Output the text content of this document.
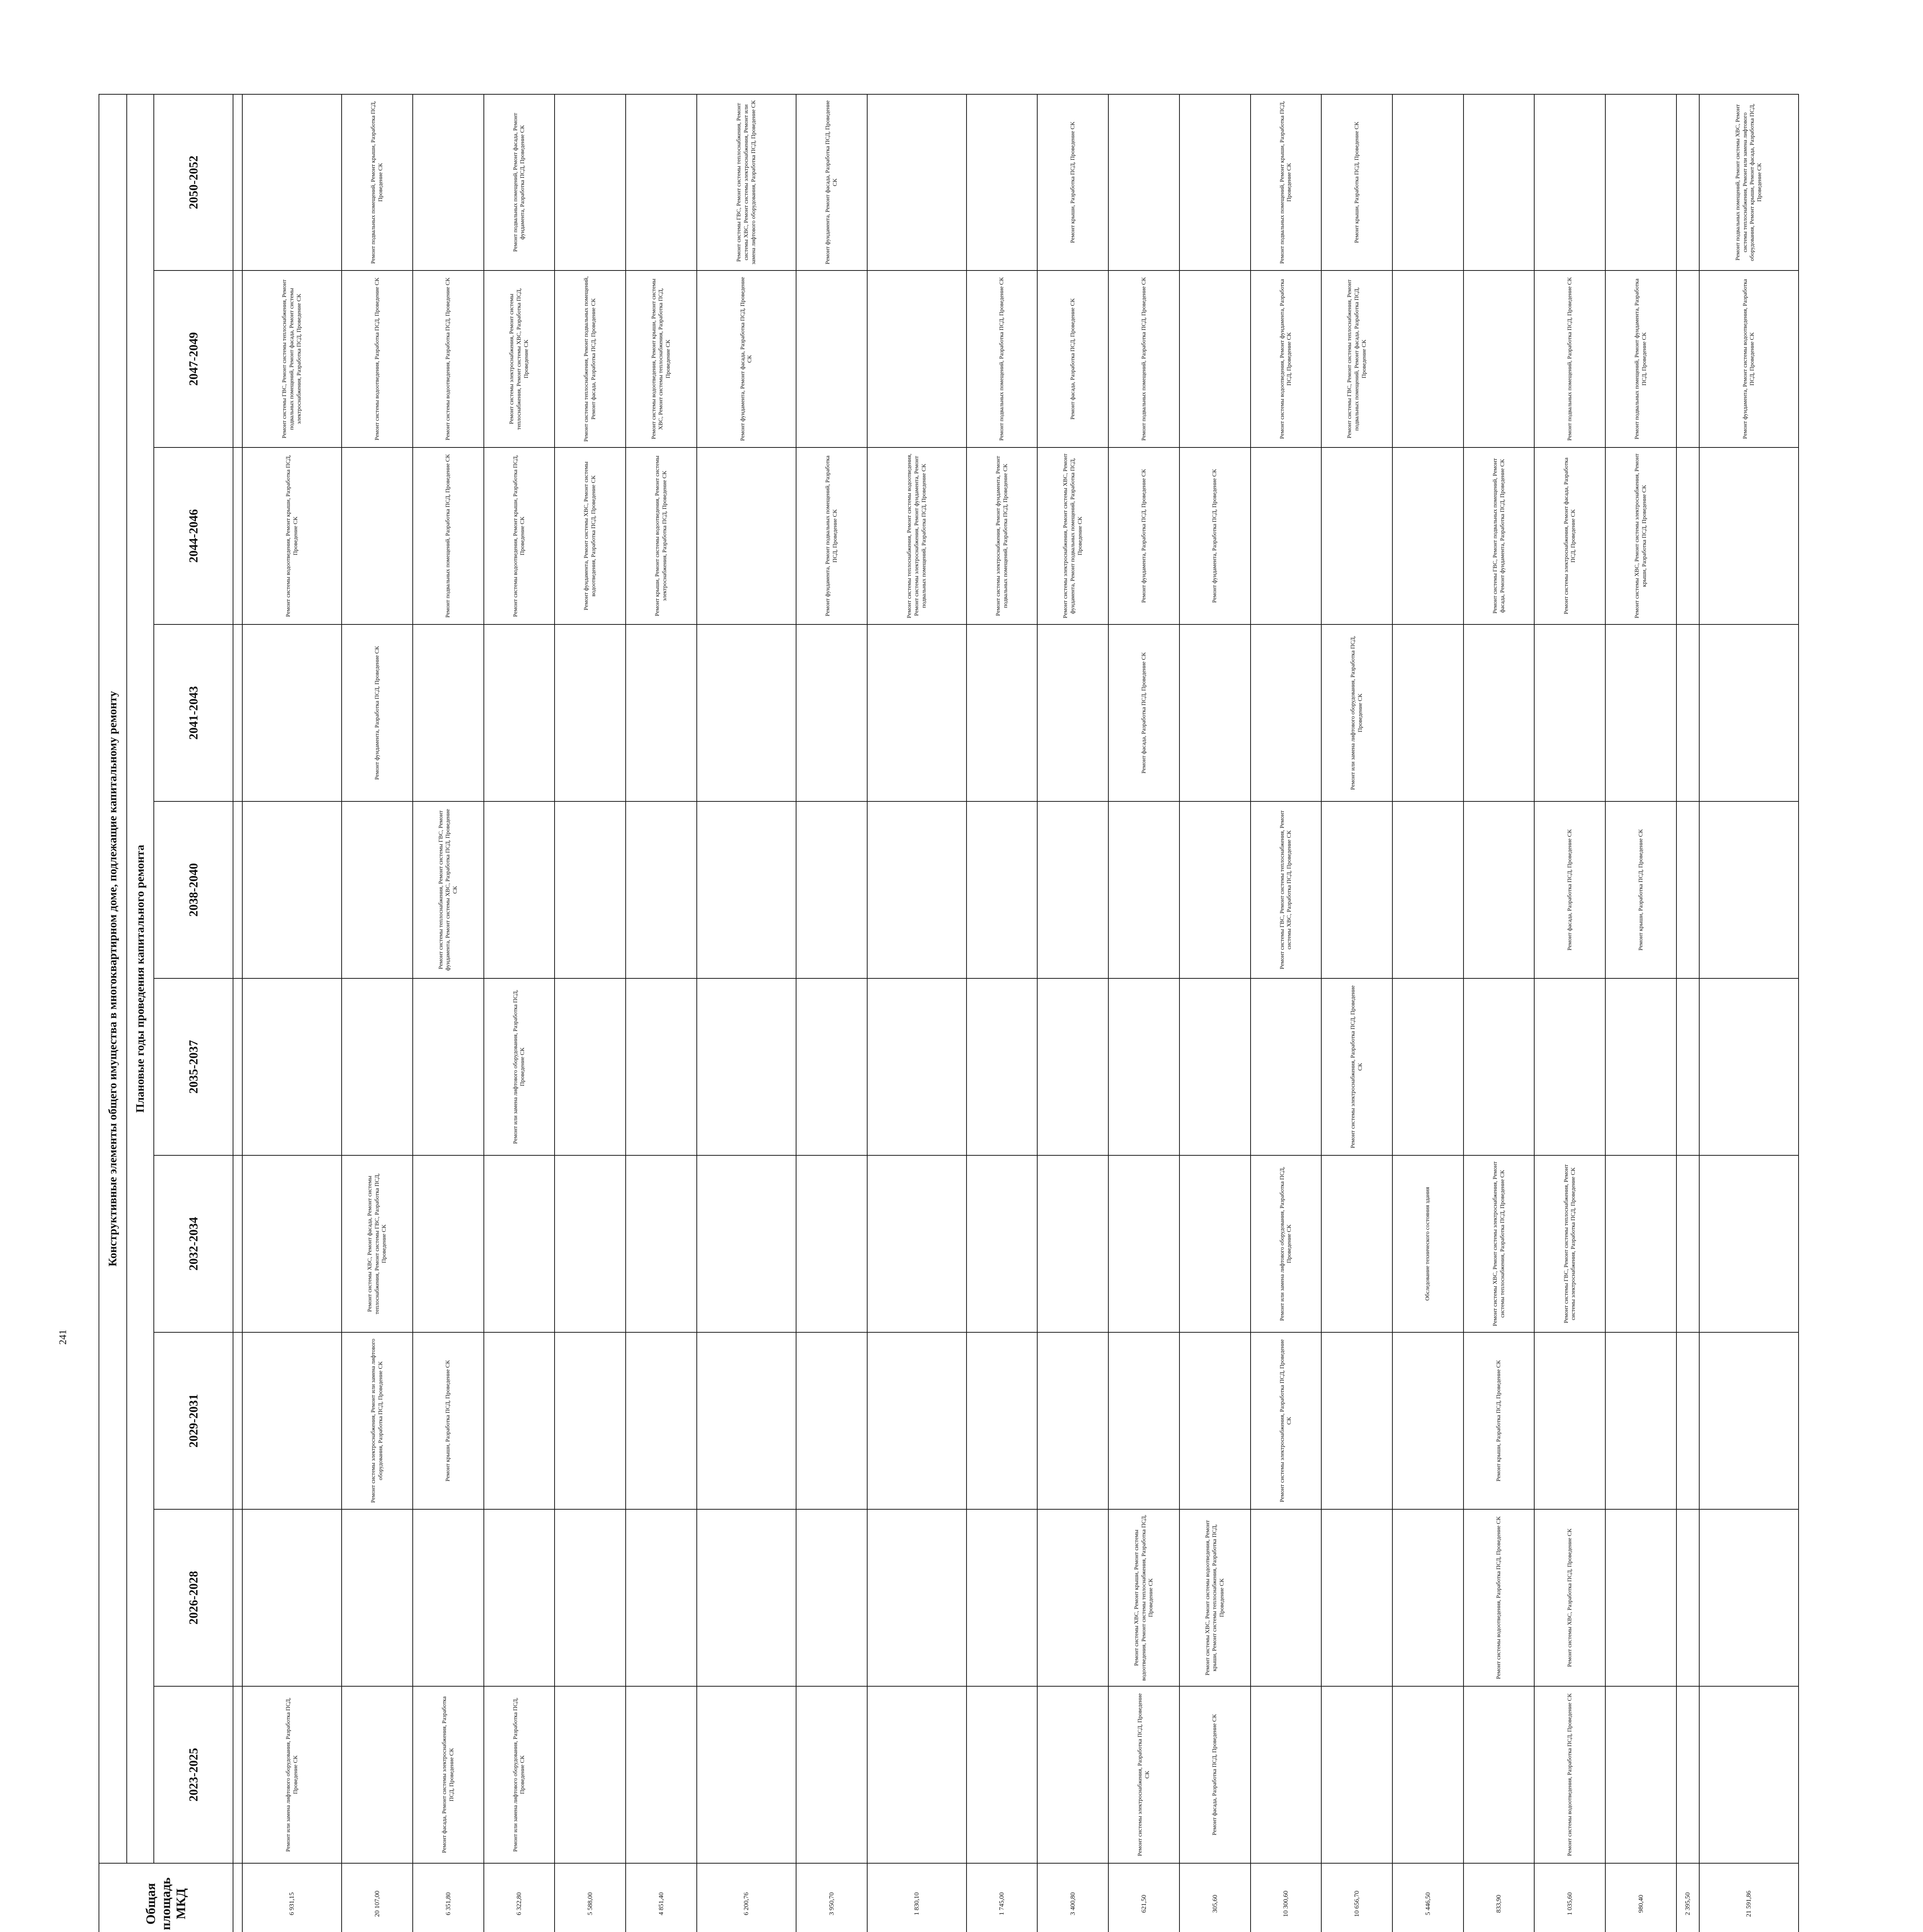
241
								Общая площадь МКД	Конструктивные элементы общего имущества в многоквартирном доме, подлежащие капитальному ремонту									
									Плановые годы проведения капитального ремонта									
									2023-2025	2026-2028	2029-2031	2032-2034	2035-2037	2038-2040	2041-2043	2044-2046	2047-2049	2050-2052

								6 931,15	Ремонт или замена лифтового оборудования, Разработка ПСД, Проведение СК							Ремонт системы водоотведения, Ремонт крыши, Разработка ПСД, Проведение СК	Ремонт системы ГВС, Ремонт системы теплоснабжения, Ремонт подвальных помещений, Ремонт фасада, Ремонт системы электроснабжения, Разработка ПСД, Проведение СК	
								20 107,00			Ремонт системы электроснабжения, Ремонт или замена лифтового оборудования, Разработка ПСД, Проведение СК	Ремонт системы ХВС, Ремонт фасада, Ремонт системы теплоснабжения, Ремонт системы ГВС, Разработка ПСД, Проведение СК			Ремонт фундамента, Разработка ПСД, Проведение СК		Ремонт системы водоотведения, Разработка ПСД, Проведение СК	Ремонт подвальных помещений, Ремонт крыши, Разработка ПСД, Проведение СК
								6 351,80	Ремонт фасада, Ремонт системы электроснабжения, Разработка ПСД, Проведение СК		Ремонт крыши, Разработка ПСД, Проведение СК			Ремонт системы теплоснабжения, Ремонт системы ГВС, Ремонт фундамента, Ремонт системы ХВС, Разработка ПСД, Проведение СК		Ремонт подвальных помещений, Разработка ПСД, Проведение СК	Ремонт системы водоотведения, Разработка ПСД, Проведение СК	
								6 322,80	Ремонт или замена лифтового оборудования, Разработка ПСД, Проведение СК				Ремонт или замена лифтового оборудования, Разработка ПСД, Проведение СК			Ремонт системы водоотведения, Ремонт крыши, Разработка ПСД, Проведение СК	Ремонт системы электроснабжения, Ремонт системы теплоснабжения, Ремонт системы ХВС, Разработка ПСД, Проведение СК	Ремонт подвальных помещений, Ремонт фасада, Ремонт фундамента, Разработка ПСД, Проведение СК
								5 588,00								Ремонт фундамента, Ремонт системы ХВС, Ремонт системы водоотведения, Разработка ПСД, Проведение СК	Ремонт системы теплоснабжения, Ремонт подвальных помещений, Ремонт фасада, Разработка ПСД, Проведение СК	
								4 851,40								Ремонт крыши, Ремонт системы водоотведения, Ремонт системы электроснабжения, Разработка ПСД, Проведение СК	Ремонт системы водоотведения, Ремонт крыши, Ремонт системы ХВС, Ремонт системы теплоснабжения, Разработка ПСД, Проведение СК	
								6 200,76									Ремонт фундамента, Ремонт фасада, Разработка ПСД, Проведение СК	Ремонт системы ГВС, Ремонт системы теплоснабжения, Ремонт системы ХВС, Ремонт системы электроснабжения, Ремонт или замена лифтового оборудования, Разработка ПСД, Проведение СК
								3 950,70								Ремонт фундамента, Ремонт подвальных помещений, Разработка ПСД, Проведение СК		Ремонт фундамента, Ремонт фасада, Разработка ПСД, Проведение СК
								1 830,10								Ремонт системы теплоснабжения, Ремонт системы водоотведения, Ремонт системы электроснабжения, Ремонт фундамента, Ремонт подвальных помещений, Разработка ПСД, Проведение СК		
								1 745,00								Ремонт системы электроснабжения, Ремонт фундамента, Ремонт подвальных помещений, Разработка ПСД, Проведение СК	Ремонт подвальных помещений, Разработка ПСД, Проведение СК	
								3 400,80								Ремонт системы электроснабжения, Ремонт системы ХВС, Ремонт фундамента, Ремонт подвальных помещений, Разработка ПСД, Проведение СК	Ремонт фасада, Разработка ПСД, Проведение СК	Ремонт крыши, Разработка ПСД, Проведение СК
								621,50	Ремонт системы электроснабжения, Разработка ПСД, Проведение СК	Ремонт системы ХВС, Ремонт крыши, Ремонт системы водоотведения, Ремонт системы теплоснабжения, Разработка ПСД, Проведение СК					Ремонт фасада, Разработка ПСД, Проведение СК	Ремонт фундамента, Разработка ПСД, Проведение СК	Ремонт подвальных помещений, Разработка ПСД, Проведение СК	
								305,60	Ремонт фасада, Разработка ПСД, Проведение СК	Ремонт системы ХВС, Ремонт системы водоотведения, Ремонт крыши, Ремонт системы теплоснабжения, Разработка ПСД, Проведение СК						Ремонт фундамента, Разработка ПСД, Проведение СК		
								10 300,60			Ремонт системы электроснабжения, Разработка ПСД, Проведение СК	Ремонт или замена лифтового оборудования, Разработка ПСД, Проведение СК		Ремонт системы ГВС, Ремонт системы теплоснабжения, Ремонт системы ХВС, Разработка ПСД, Проведение СК			Ремонт системы водоотведения, Ремонт фундамента, Разработка ПСД, Проведение СК	Ремонт подвальных помещений, Ремонт крыши, Разработка ПСД, Проведение СК
								10 656,70					Ремонт системы электроснабжения, Разработка ПСД, Проведение СК		Ремонт или замена лифтового оборудования, Разработка ПСД, Проведение СК		Ремонт системы ГВС, Ремонт системы теплоснабжения, Ремонт подвальных помещений, Ремонт фасада, Разработка ПСД, Проведение СК	Ремонт крыши, Разработка ПСД, Проведение СК
								5 446,50				Обследование технического состояния здания						
								833,90		Ремонт системы водоотведения, Разработка ПСД, Проведение СК	Ремонт крыши, Разработка ПСД, Проведение СК	Ремонт системы ХВС, Ремонт системы электроснабжения, Ремонт системы теплоснабжения, Разработка ПСД, Проведение СК				Ремонт системы ГВС, Ремонт подвальных помещений, Ремонт фасада, Ремонт фундамента, Разработка ПСД, Проведение СК		
								1 035,60	Ремонт системы водоотведения, Разработка ПСД, Проведение СК	Ремонт системы ХВС, Разработка ПСД, Проведение СК		Ремонт системы ГВС, Ремонт системы теплоснабжения, Ремонт системы электроснабжения, Разработка ПСД, Проведение СК		Ремонт фасада, Разработка ПСД, Проведение СК		Ремонт системы электроснабжения, Ремонт фасада, Разработка ПСД, Проведение СК	Ремонт подвальных помещений, Разработка ПСД, Проведение СК	
								980,40						Ремонт крыши, Разработка ПСД, Проведение СК		Ремонт системы ХВС, Ремонт системы электроснабжения, Ремонт крыши, Разработка ПСД, Проведение СК	Ремонт подвальных помещений, Ремонт фундамента, Разработка ПСД, Проведение СК	
								2 395,50										
								21 591,86									Ремонт фундамента, Ремонт системы водоотведения, Разработка ПСД, Проведение СК	Ремонт подвальных помещений, Ремонт системы ХВС, Ремонт системы теплоснабжения, Ремонт или замена лифтового оборудования, Ремонт крыши, Ремонт фасада, Разработка ПСД, Проведение СК
